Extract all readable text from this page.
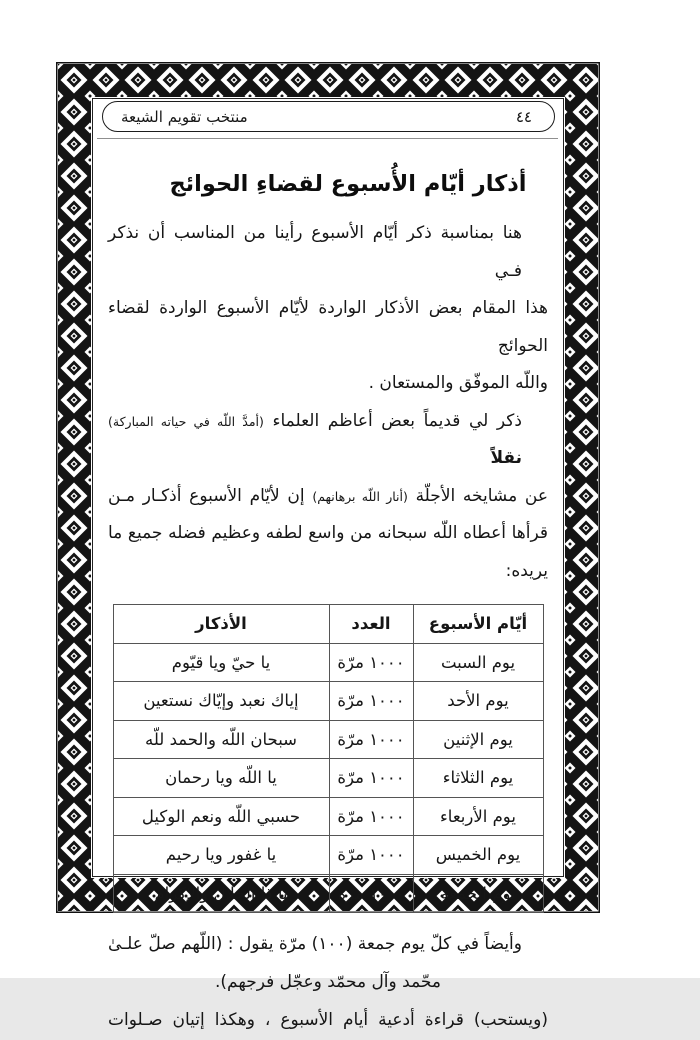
منتخب تقويم الشيعة	٤٤
أذكار أيّام الأُسبوع لقضاءِ الحوائج

هنا بمناسبة ذكر أيّام الأسبوع رأينا من المناسب أن نذكر فـي
هذا المقام بعض الأذكار الواردة لأيّام الأسبوع الواردة لقضاء الحوائج
واللّه الموفّق والمستعان .

ذكر لي قديماً بعض أعاظم العلماء (أمدَّ اللّه في حياته المباركة) نقلاً
عن مشايخه الأجلّة (أنار اللّه برهانهم) إن لأيّام الأسبوع أذكـار مـن
قرأها أعطاه اللّه سبحانه من واسع لطفه وعظيم فضله جميع ما يريده:

أيّام الأسبوع	العدد	الأذكار
يوم السبت	١٠٠٠ مرّة	يا حيّ ويا قيّوم
يوم الأحد	١٠٠٠ مرّة	إياك نعبد وإيّاك نستعين
يوم الإثنين	١٠٠٠ مرّة	سبحان اللّه والحمد للّه
يوم الثلاثاء	١٠٠٠ مرّة	يا اللّه ويا رحمان
يوم الأربعاء	١٠٠٠ مرّة	حسبي اللّه ونعم الوكيل
يوم الخميس	١٠٠٠ مرّة	يا غفور ويا رحيم
يوم الجمعة	١٠٠٠ مرّة	يا ذا الجلال والإكرام

وأيضاً في كلّ يوم جمعة (١٠٠) مرّة يقول : (اللّهم صلّ علـىٰ
محّمد وآل محمّد وعجّل فرجهم).

(ويستحب) قراءة أدعية أيام الأسبوع ، وهكذا إتيان صـلوات
